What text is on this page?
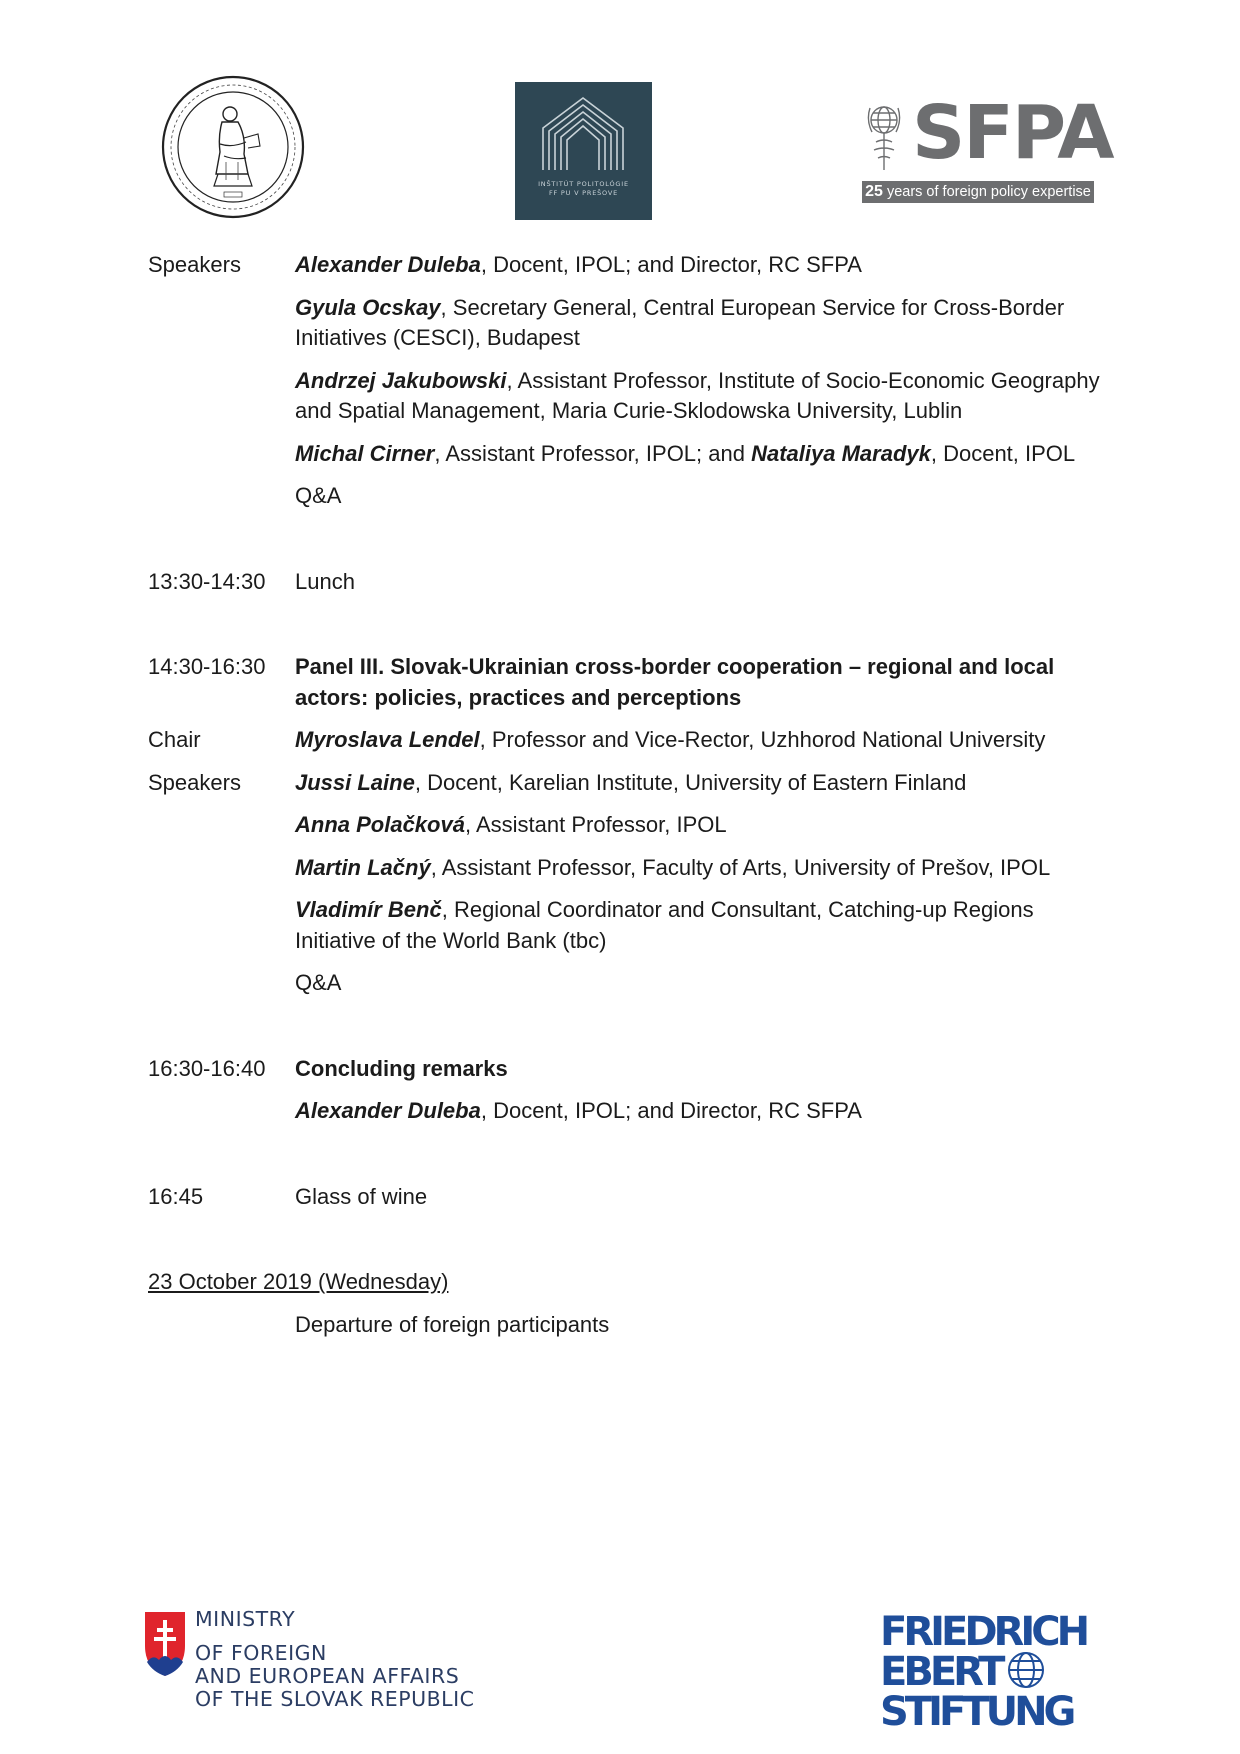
INŠTITÚT POLITOLÓGIE
FF PU V PREŠOVE
SFPA
25 years of foreign policy expertise
Speakers	Alexander Duleba, Docent, IPOL; and Director, RC SFPA
Gyula Ocskay, Secretary General, Central European Service for Cross-Border Initiatives (CESCI), Budapest
Andrzej Jakubowski, Assistant Professor, Institute of Socio-Economic Geography and Spatial Management, Maria Curie-Sklodowska University, Lublin
Michal Cirner, Assistant Professor, IPOL; and Nataliya Maradyk, Docent, IPOL
Q&A
13:30-14:30	Lunch
14:30-16:30	Panel III. Slovak-Ukrainian cross-border cooperation – regional and local actors: policies, practices and perceptions
Chair	Myroslava Lendel, Professor and Vice-Rector, Uzhhorod National University
Speakers	Jussi Laine, Docent, Karelian Institute, University of Eastern Finland
Anna Polačková, Assistant Professor, IPOL
Martin Lačný, Assistant Professor, Faculty of Arts, University of Prešov, IPOL
Vladimír Benč, Regional Coordinator and Consultant, Catching-up Regions Initiative of the World Bank (tbc)
Q&A
16:30-16:40	Concluding remarks
Alexander Duleba, Docent, IPOL; and Director, RC SFPA
16:45	Glass of wine
23 October 2019 (Wednesday)
Departure of foreign participants
MINISTRY
OF FOREIGN
AND EUROPEAN AFFAIRS
OF THE SLOVAK REPUBLIC
FRIEDRICH
EBERT
STIFTUNG
